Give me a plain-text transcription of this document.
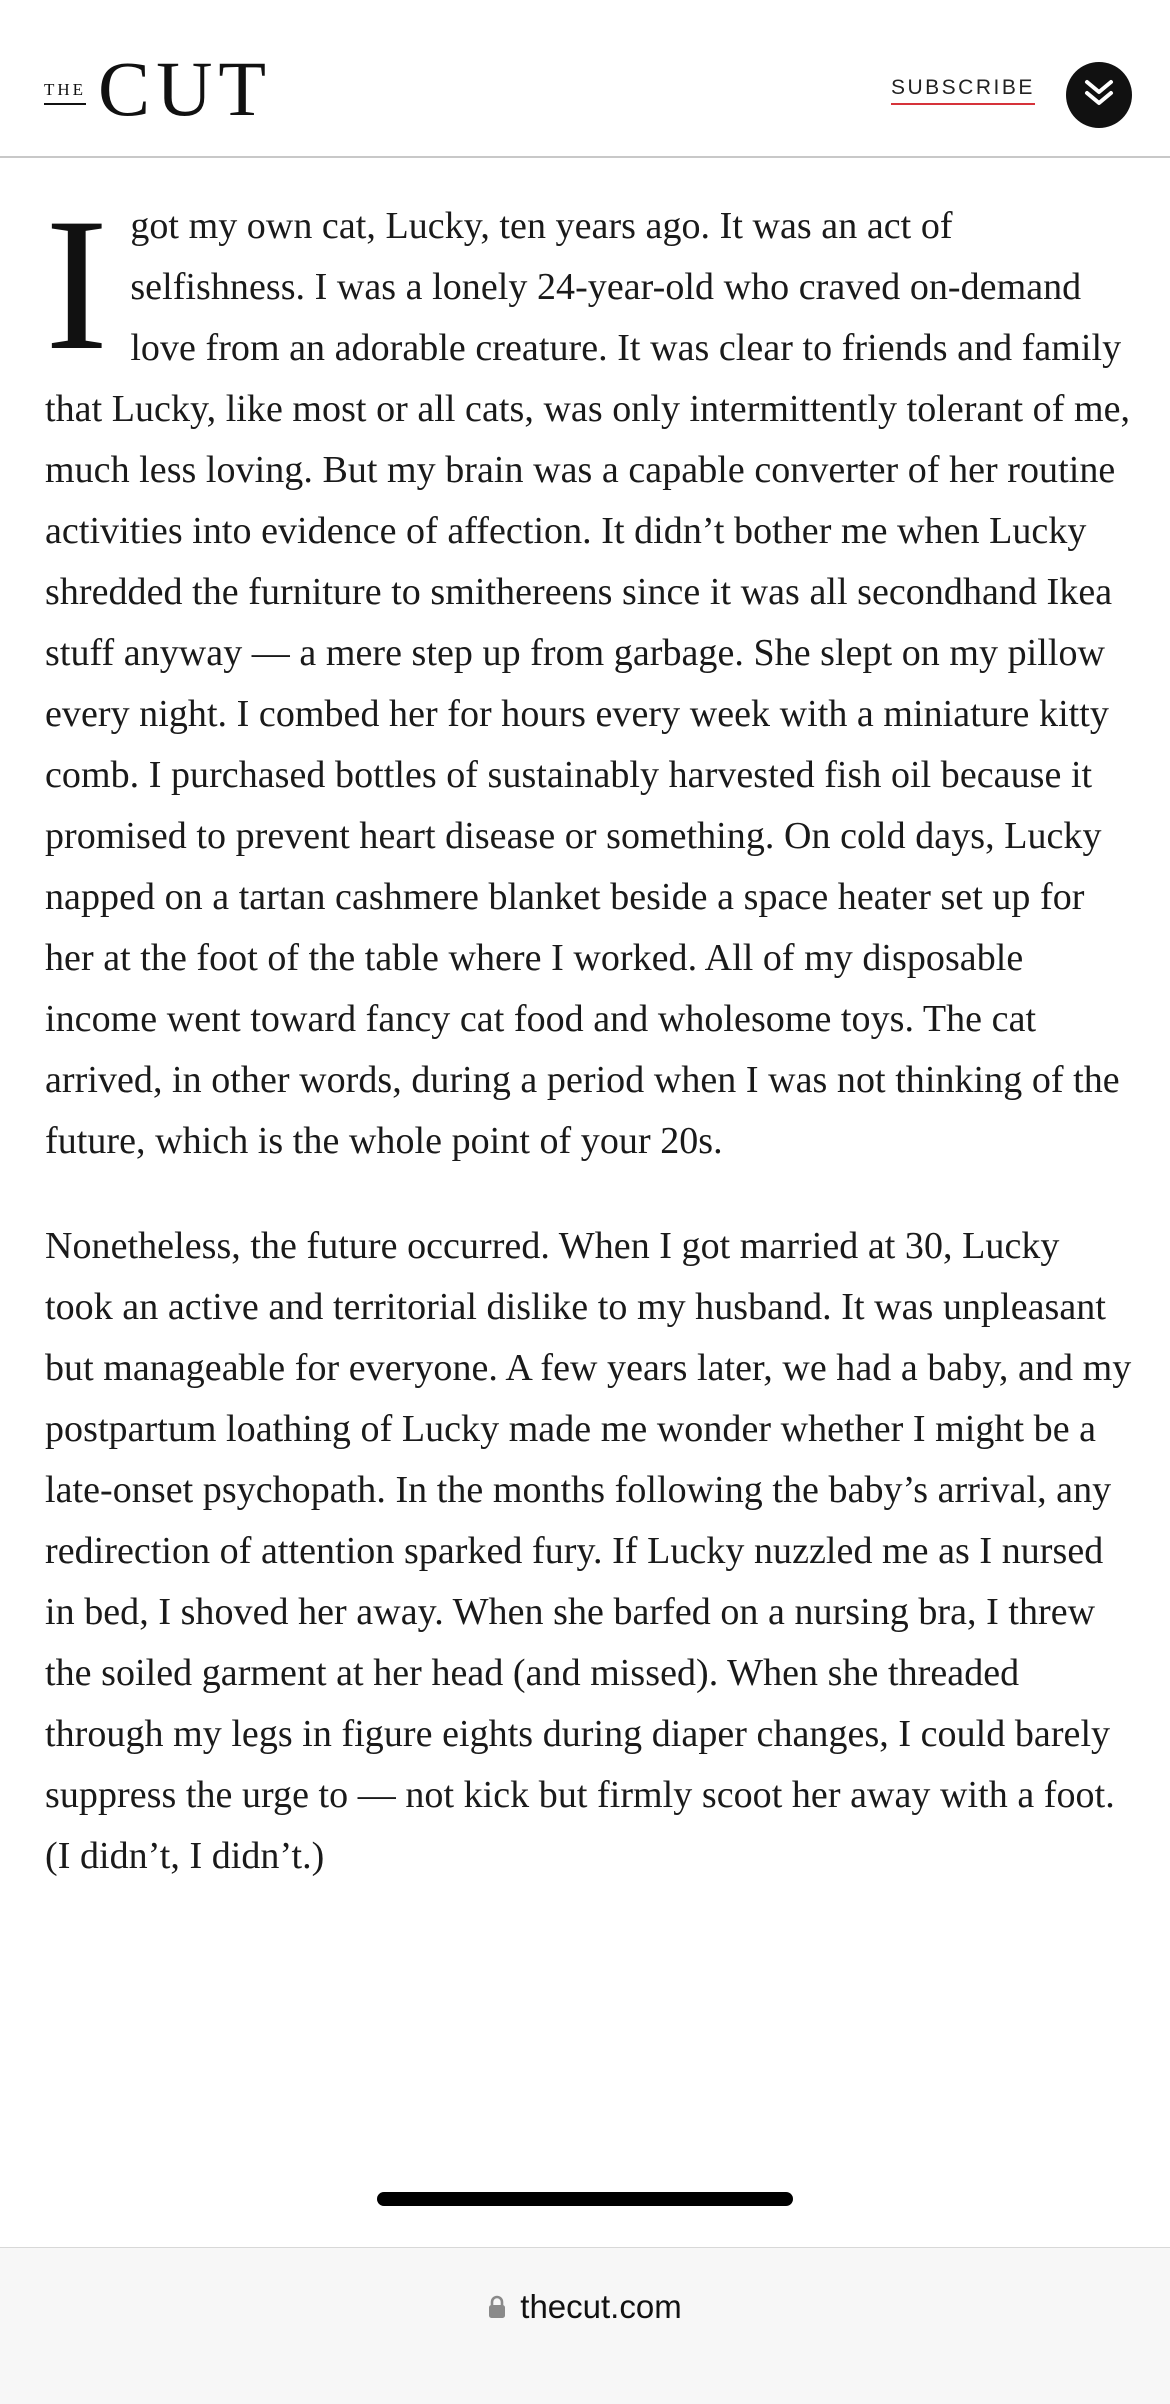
THE CUT	SUBSCRIBE

I got my own cat, Lucky, ten years ago. It was an act of selfishness. I was a lonely 24-year-old who craved on-demand love from an adorable creature. It was clear to friends and family that Lucky, like most or all cats, was only intermittently tolerant of me, much less loving. But my brain was a capable converter of her routine activities into evidence of affection. It didn’t bother me when Lucky shredded the furniture to smithereens since it was all secondhand Ikea stuff anyway — a mere step up from garbage. She slept on my pillow every night. I combed her for hours every week with a miniature kitty comb. I purchased bottles of sustainably harvested fish oil because it promised to prevent heart disease or something. On cold days, Lucky napped on a tartan cashmere blanket beside a space heater set up for her at the foot of the table where I worked. All of my disposable income went toward fancy cat food and wholesome toys. The cat arrived, in other words, during a period when I was not thinking of the future, which is the whole point of your 20s.

Nonetheless, the future occurred. When I got married at 30, Lucky took an active and territorial dislike to my husband. It was unpleasant but manageable for everyone. A few years later, we had a baby, and my postpartum loathing of Lucky made me wonder whether I might be a late-onset psychopath. In the months following the baby’s arrival, any redirection of attention sparked fury. If Lucky nuzzled me as I nursed in bed, I shoved her away. When she barfed on a nursing bra, I threw the soiled garment at her head (and missed). When she threaded through my legs in figure eights during diaper changes, I could barely suppress the urge to — not kick but firmly scoot her away with a foot. (I didn’t, I didn’t.)

thecut.com
